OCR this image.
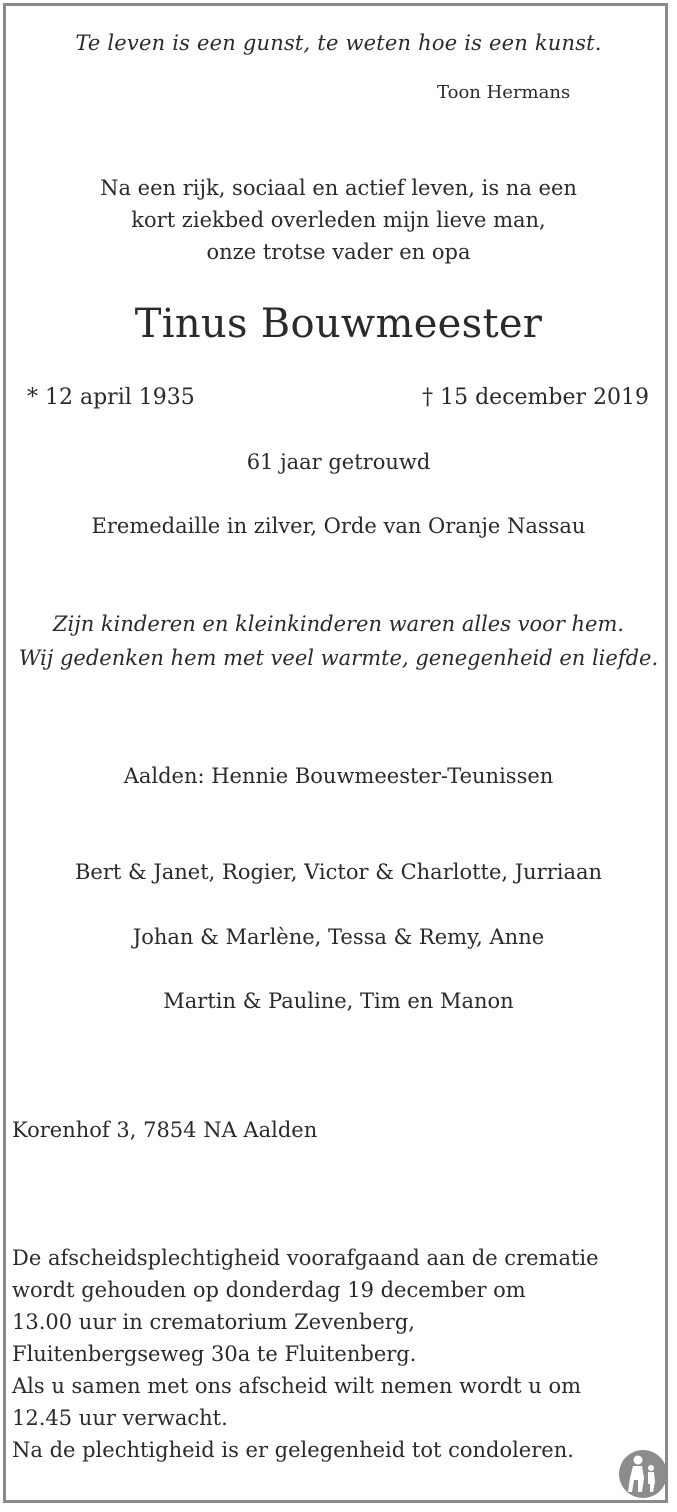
Te leven is een gunst, te weten hoe is een kunst.
Toon Hermans
Na een rijk, sociaal en actief leven, is na een
kort ziekbed overleden mijn lieve man,
onze trotse vader en opa
Tinus Bouwmeester
* 12 april 1935	† 15 december 2019
61 jaar getrouwd
Eremedaille in zilver, Orde van Oranje Nassau
Zijn kinderen en kleinkinderen waren alles voor hem.
Wij gedenken hem met veel warmte, genegenheid en liefde.
Aalden: Hennie Bouwmeester-Teunissen
Bert & Janet, Rogier, Victor & Charlotte, Jurriaan
Johan & Marlène, Tessa & Remy, Anne
Martin & Pauline, Tim en Manon
Korenhof 3, 7854 NA Aalden
De afscheidsplechtigheid voorafgaand aan de crematie
wordt gehouden op donderdag 19 december om
13.00 uur in crematorium Zevenberg,
Fluitenbergseweg 30a te Fluitenberg.
Als u samen met ons afscheid wilt nemen wordt u om
12.45 uur verwacht.
Na de plechtigheid is er gelegenheid tot condoleren.
